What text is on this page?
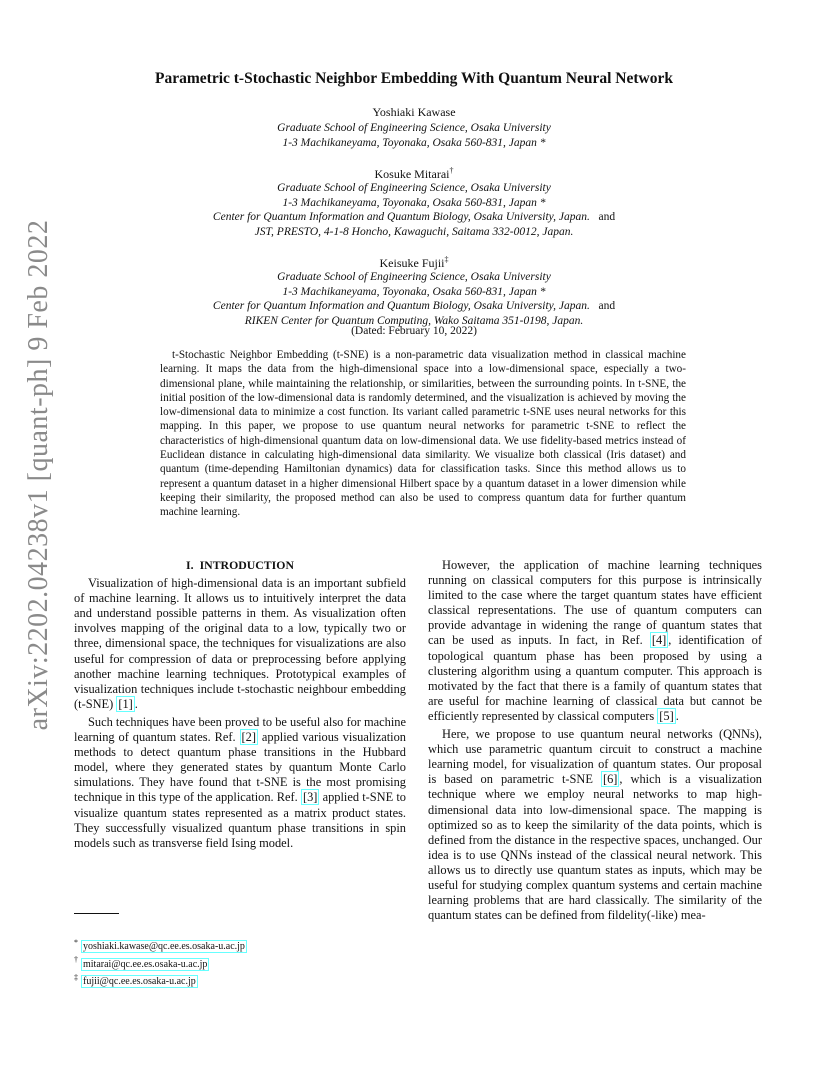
arXiv:2202.04238v1 [quant-ph] 9 Feb 2022
Parametric t-Stochastic Neighbor Embedding With Quantum Neural Network
Yoshiaki Kawase
Graduate School of Engineering Science, Osaka University
1-3 Machikaneyama, Toyonaka, Osaka 560-831, Japan *
Kosuke Mitarai†
Graduate School of Engineering Science, Osaka University
1-3 Machikaneyama, Toyonaka, Osaka 560-831, Japan *
Center for Quantum Information and Quantum Biology, Osaka University, Japan. and
JST, PRESTO, 4-1-8 Honcho, Kawaguchi, Saitama 332-0012, Japan.
Keisuke Fujii‡
Graduate School of Engineering Science, Osaka University
1-3 Machikaneyama, Toyonaka, Osaka 560-831, Japan *
Center for Quantum Information and Quantum Biology, Osaka University, Japan. and
RIKEN Center for Quantum Computing, Wako Saitama 351-0198, Japan.
(Dated: February 10, 2022)
t-Stochastic Neighbor Embedding (t-SNE) is a non-parametric data visualization method in classical machine learning. It maps the data from the high-dimensional space into a low-dimensional space, especially a two-dimensional plane, while maintaining the relationship, or similarities, between the surrounding points. In t-SNE, the initial position of the low-dimensional data is randomly determined, and the visualization is achieved by moving the low-dimensional data to minimize a cost function. Its variant called parametric t-SNE uses neural networks for this mapping. In this paper, we propose to use quantum neural networks for parametric t-SNE to reflect the characteristics of high-dimensional quantum data on low-dimensional data. We use fidelity-based metrics instead of Euclidean distance in calculating high-dimensional data similarity. We visualize both classical (Iris dataset) and quantum (time-depending Hamiltonian dynamics) data for classification tasks. Since this method allows us to represent a quantum dataset in a higher dimensional Hilbert space by a quantum dataset in a lower dimension while keeping their similarity, the proposed method can also be used to compress quantum data for further quantum machine learning.

I. INTRODUCTION

Visualization of high-dimensional data is an important subfield of machine learning. It allows us to intuitively interpret the data and understand possible patterns in them. As visualization often involves mapping of the original data to a low, typically two or three, dimensional space, the techniques for visualizations are also useful for compression of data or preprocessing before applying another machine learning techniques. Prototypical examples of visualization techniques include t-stochastic neighbour embedding (t-SNE) [1] .

Such techniques have been proved to be useful also for machine learning of quantum states. Ref. [2] applied various visualization methods to detect quantum phase transitions in the Hubbard model, where they generated states by quantum Monte Carlo simulations. They have found that t-SNE is the most promising technique in this type of the application. Ref. [3] applied t-SNE to visualize quantum states represented as a matrix product states. They successfully visualized quantum phase transitions in spin models such as transverse field Ising model.

However, the application of machine learning techniques running on classical computers for this purpose is intrinsically limited to the case where the target quantum states have efficient classical representations. The use of quantum computers can provide advantage in widening the range of quantum states that can be used as inputs. In fact, in Ref. [4] , identification of topological quantum phase has been proposed by using a clustering algorithm using a quantum computer. This approach is motivated by the fact that there is a family of quantum states that are useful for machine learning of classical data but cannot be efficiently represented by classical computers [5] .

Here, we propose to use quantum neural networks (QNNs), which use parametric quantum circuit to construct a machine learning model, for visualization of quantum states. Our proposal is based on parametric t-SNE [6] , which is a visualization technique where we employ neural networks to map high-dimensional data into low-dimensional space. The mapping is optimized so as to keep the similarity of the data points, which is defined from the distance in the respective spaces, unchanged. Our idea is to use QNNs instead of the classical neural network. This allows us to directly use quantum states as inputs, which may be useful for studying complex quantum systems and certain machine learning problems that are hard classically. The similarity of the quantum states can be defined from fildelity(-like) mea-

* yoshiaki.kawase@qc.ee.es.osaka-u.ac.jp
† mitarai@qc.ee.es.osaka-u.ac.jp
‡ fujii@qc.ee.es.osaka-u.ac.jp
